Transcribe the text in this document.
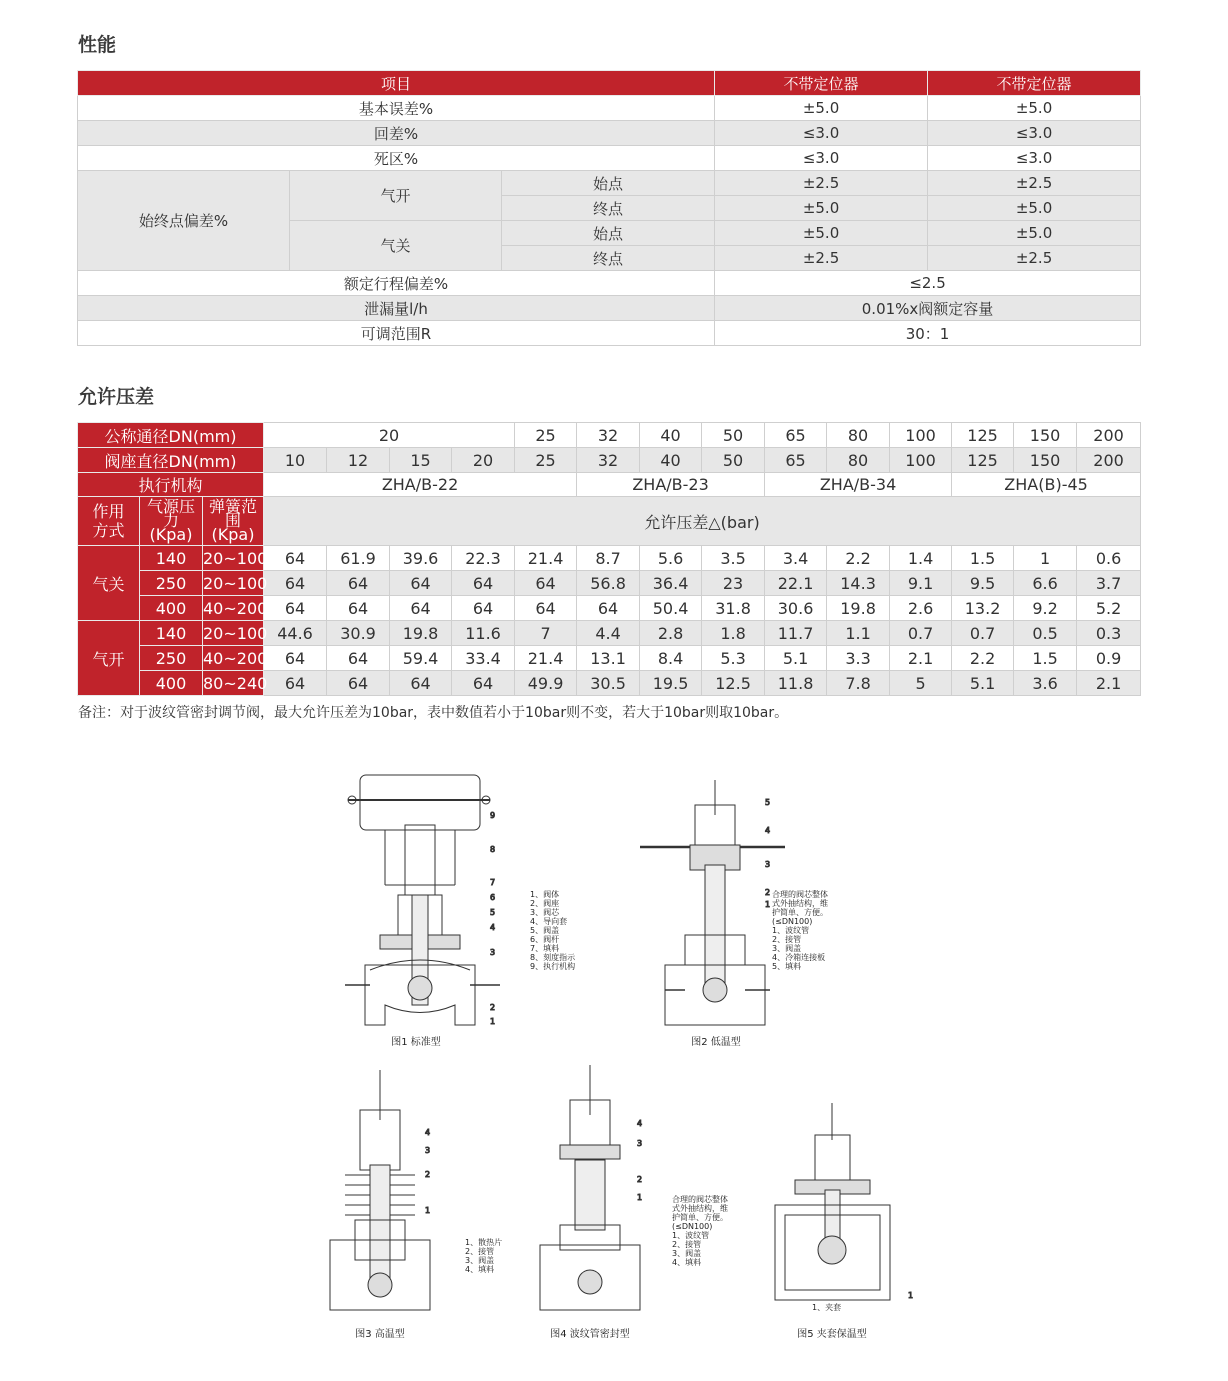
性能
项目			不带定位器	不带定位器
基本误差%			±5.0	±5.0
回差%			≤3.0	≤3.0
死区%			≤3.0	≤3.0
始终点偏差%	气开	始点	±2.5	±2.5
		终点	±5.0	±5.0
	气关	始点	±5.0	±5.0
		终点	±2.5	±2.5
额定行程偏差%			≤2.5	
泄漏量l/h			0.01%x阀额定容量	
可调范围R			30：1	
允许压差
公称通径DN(mm)			20				25	32	40	50	65	80	100	125	150	200
阀座直径DN(mm)			10	12	15	20	25	32	40	50	65	80	100	125	150	200
执行机构			ZHA/B-22					ZHA/B-23			ZHA/B-34			ZHA(B)-45		
作用方式	气源压力(Kpa)	弹簧范围(Kpa)	允许压差△(bar)													
气关	140	20~100	64	61.9	39.6	22.3	21.4	8.7	5.6	3.5	3.4	2.2	1.4	1.5	1	0.6
	250	20~100	64	64	64	64	64	56.8	36.4	23	22.1	14.3	9.1	9.5	6.6	3.7
	400	40~200	64	64	64	64	64	64	50.4	31.8	30.6	19.8	2.6	13.2	9.2	5.2
气开	140	20~100	44.6	30.9	19.8	11.6	7	4.4	2.8	1.8	11.7	1.1	0.7	0.7	0.5	0.3
	250	40~200	64	64	59.4	33.4	21.4	13.1	8.4	5.3	5.1	3.3	2.1	2.2	1.5	0.9
	400	80~240	64	64	64	64	49.9	30.5	19.5	12.5	11.8	7.8	5	5.1	3.6	2.1

备注：对于波纹管密封调节阀，最大允许压差为10bar，表中数值若小于10bar则不变，若大于10bar则取10bar。

9
8
7
6
5
4
3
2
1
1、阀体
2、阀座
3、阀芯
4、导向套
5、阀盖
6、阀杆
7、填料
8、刻度指示
9、执行机构
图1 标准型
5
4
3
2
1
合理的阀芯整体
式外抽结构，维
护简单、方便。
(≤DN100)
1、波纹管
2、接管
3、阀盖
4、冷箱连接板
5、填料
图2 低温型
4
3
2
1
1、散热片
2、接管
3、阀盖
4、填料
图3 高温型
4
3
2
1	合理的阀芯整体
式外抽结构，维
护简单、方便。
(≤DN100)
1、波纹管
2、接管
3、阀盖
4、填料
图4 波纹管密封型
1
1、夹套
图5 夹套保温型
